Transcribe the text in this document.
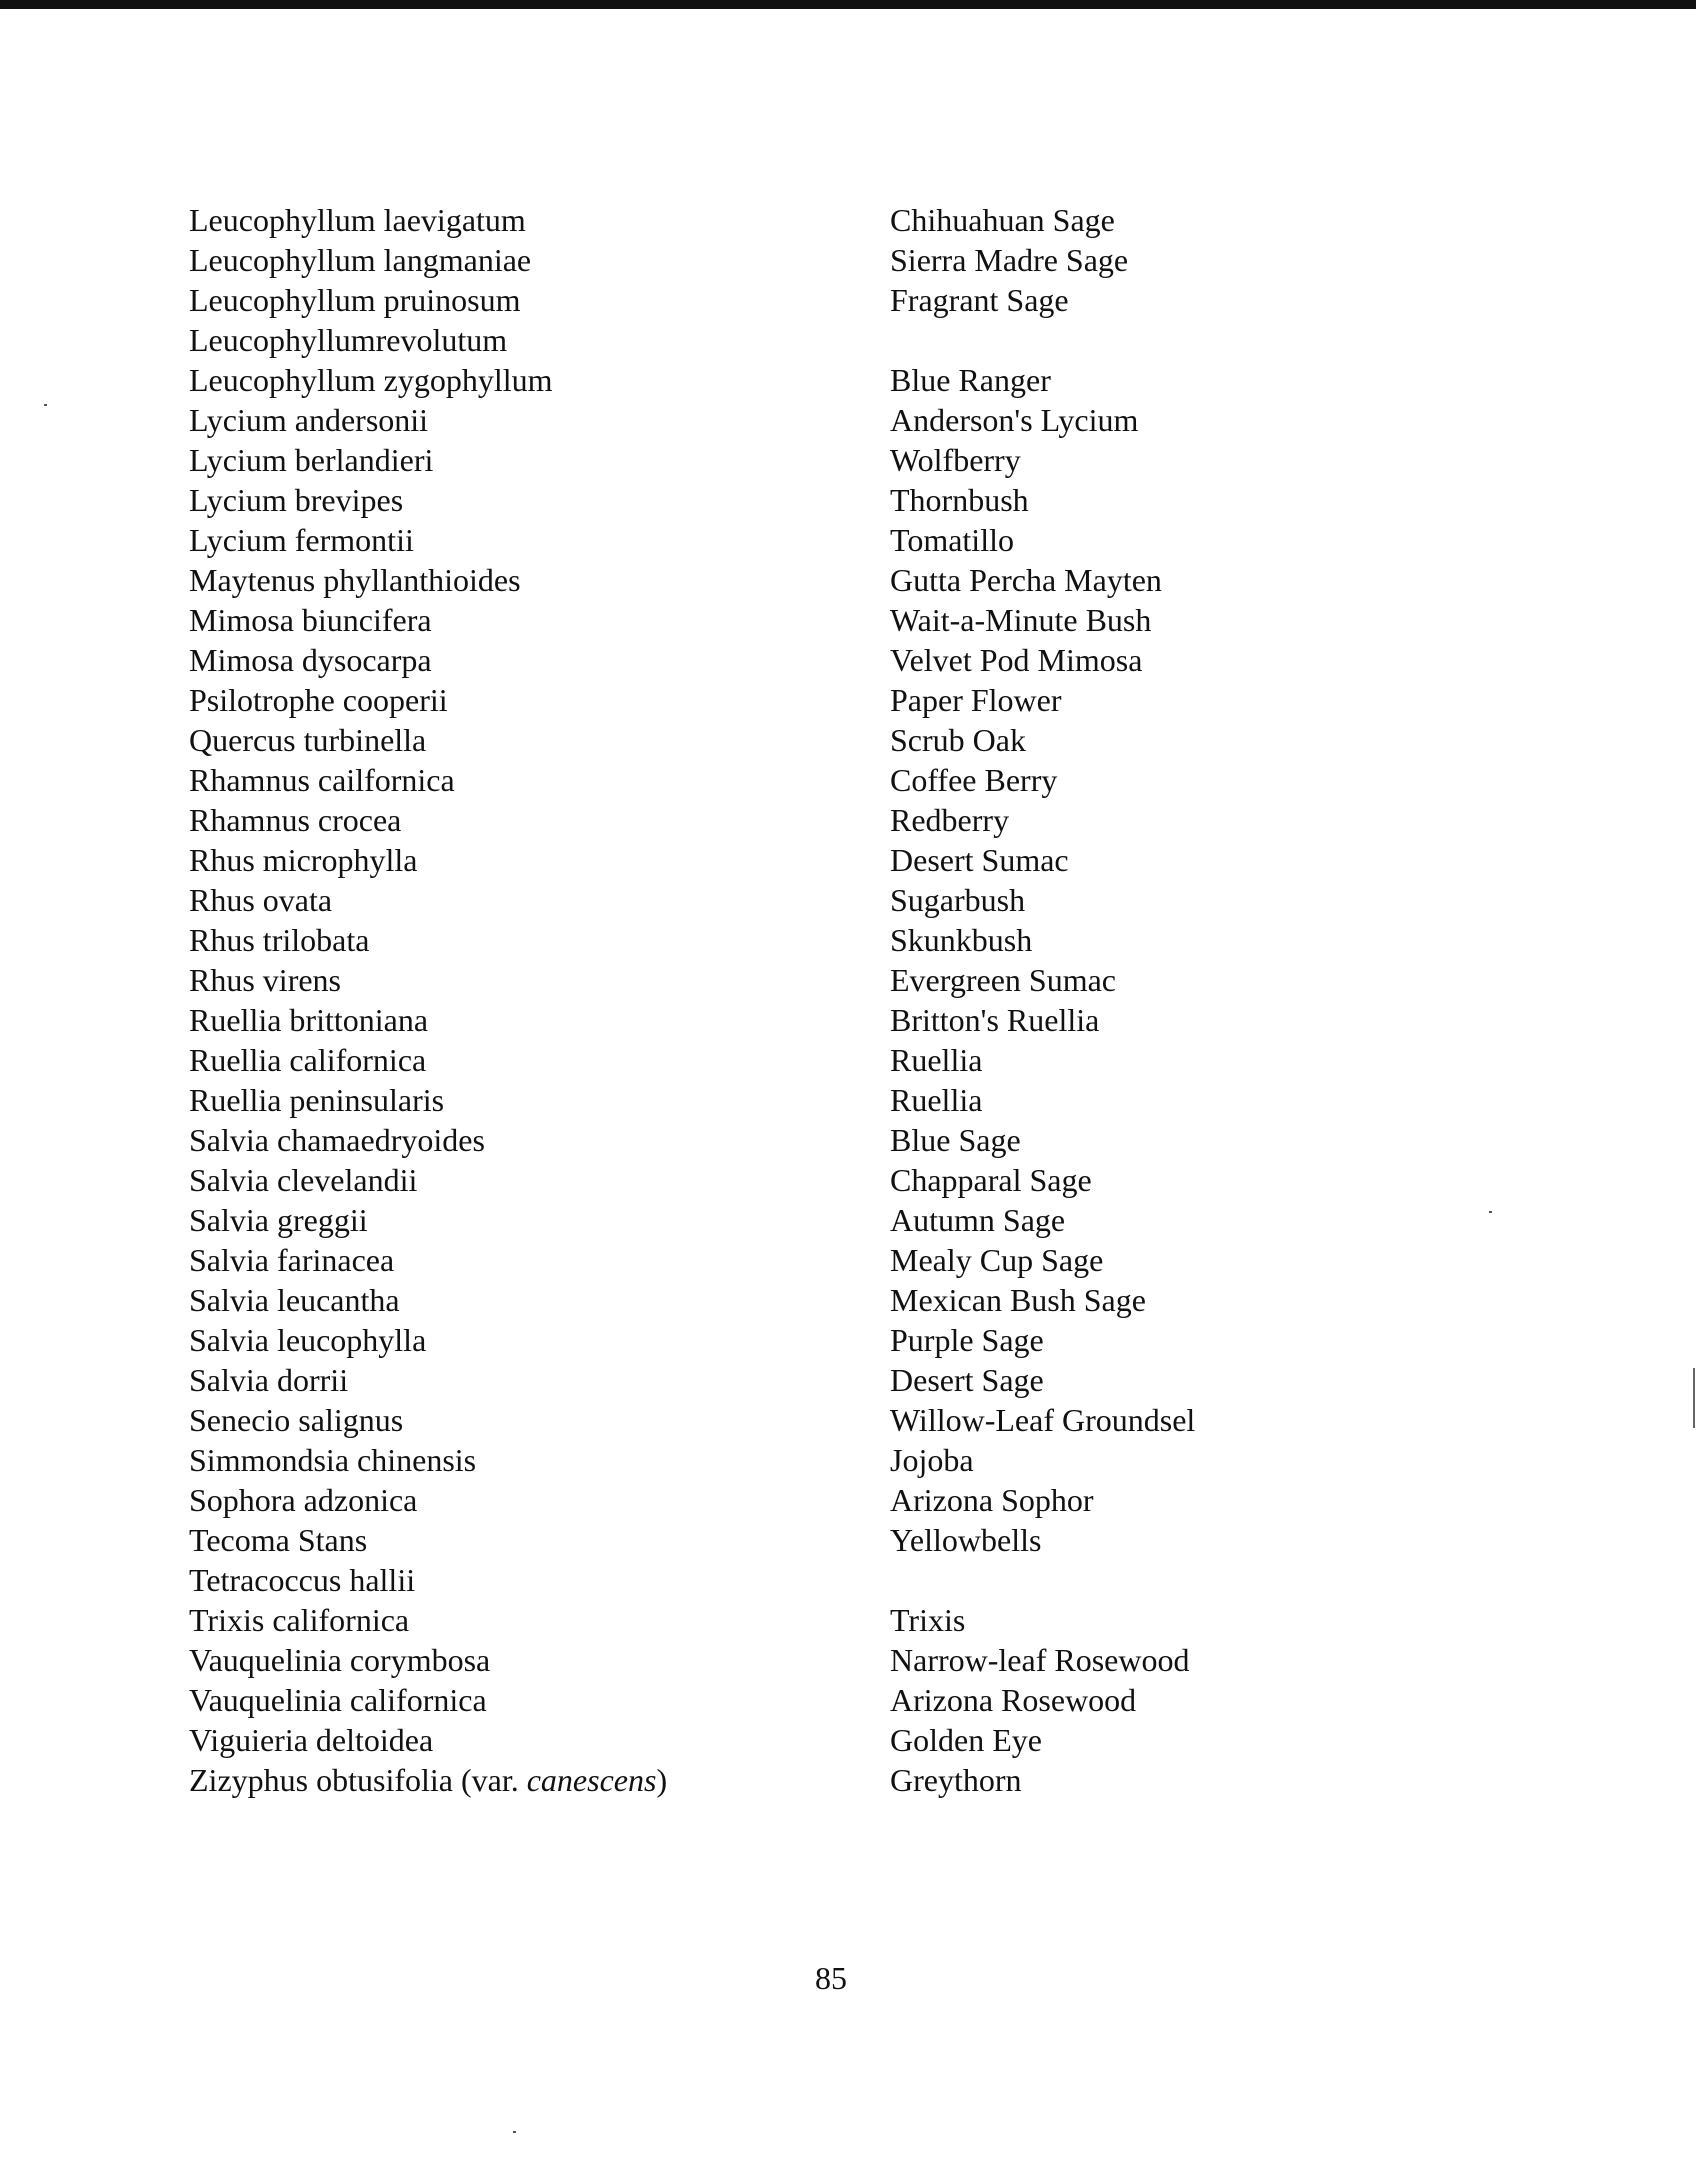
Leucophyllum laevigatum
Leucophyllum langmaniae
Leucophyllum pruinosum
Leucophyllumrevolutum
Leucophyllum zygophyllum
Lycium andersonii
Lycium berlandieri
Lycium brevipes
Lycium fermontii
Maytenus phyllanthioides
Mimosa biuncifera
Mimosa dysocarpa
Psilotrophe cooperii
Quercus turbinella
Rhamnus cailfornica
Rhamnus crocea
Rhus microphylla
Rhus ovata
Rhus trilobata
Rhus virens
Ruellia brittoniana
Ruellia californica
Ruellia peninsularis
Salvia chamaedryoides
Salvia clevelandii
Salvia greggii
Salvia farinacea
Salvia leucantha
Salvia leucophylla
Salvia dorrii
Senecio salignus
Simmondsia chinensis
Sophora adzonica
Tecoma Stans
Tetracoccus hallii
Trixis californica
Vauquelinia corymbosa
Vauquelinia californica
Viguieria deltoidea
Zizyphus obtusifolia (var. canescens)
Chihuahuan Sage
Sierra Madre Sage
Fragrant Sage
Blue Ranger
Anderson's Lycium
Wolfberry
Thornbush
Tomatillo
Gutta Percha Mayten
Wait-a-Minute Bush
Velvet Pod Mimosa
Paper Flower
Scrub Oak
Coffee Berry
Redberry
Desert Sumac
Sugarbush
Skunkbush
Evergreen Sumac
Britton's Ruellia
Ruellia
Ruellia
Blue Sage
Chapparal Sage
Autumn Sage
Mealy Cup Sage
Mexican Bush Sage
Purple Sage
Desert Sage
Willow-Leaf Groundsel
Jojoba
Arizona Sophor
Yellowbells
Trixis
Narrow-leaf Rosewood
Arizona Rosewood
Golden Eye
Greythorn
85
